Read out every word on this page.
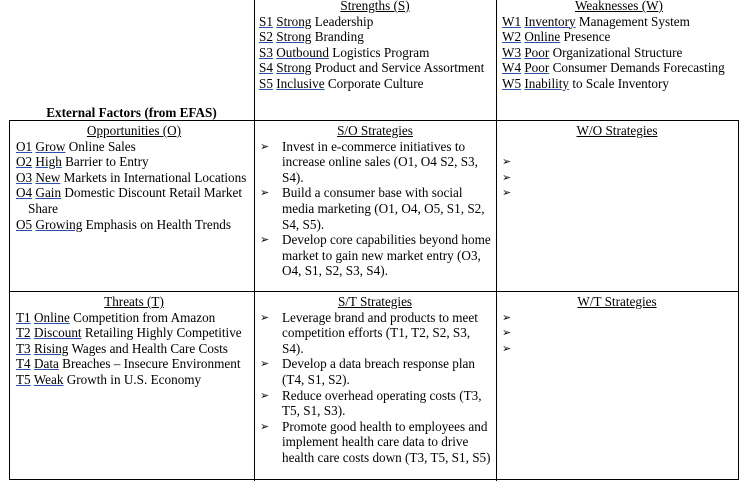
External Factors (from EFAS)
Strengths (S)
S1 Strong Leadership
S2 Strong Branding
S3 Outbound Logistics Program
S4 Strong Product and Service Assortment
S5 Inclusive Corporate Culture
Weaknesses (W)
W1 Inventory Management System
W2 Online Presence
W3 Poor Organizational Structure
W4 Poor Consumer Demands Forecasting
W5 Inability to Scale Inventory
Opportunities (O)
O1 Grow Online Sales
O2 High Barrier to Entry
O3 New Markets in International Locations
O4 Gain Domestic Discount Retail Market Share
O5 Growing Emphasis on Health Trends
S/O Strategies
➢ Invest in e-commerce initiatives to increase online sales (O1, O4 S2, S3, S4).
➢ Build a consumer base with social media marketing (O1, O4, O5, S1, S2, S4, S5).
➢ Develop core capabilities beyond home market to gain new market entry (O3, O4, S1, S2, S3, S4).
W/O Strategies
➢
➢
➢
Threats (T)
T1 Online Competition from Amazon
T2 Discount Retailing Highly Competitive
T3 Rising Wages and Health Care Costs
T4 Data Breaches – Insecure Environment
T5 Weak Growth in U.S. Economy
S/T Strategies
➢ Leverage brand and products to meet competition efforts (T1, T2, S2, S3, S4).
➢ Develop a data breach response plan (T4, S1, S2).
➢ Reduce overhead operating costs (T3, T5, S1, S3).
➢ Promote good health to employees and implement health care data to drive health care costs down (T3, T5, S1, S5)
W/T Strategies
➢
➢
➢
